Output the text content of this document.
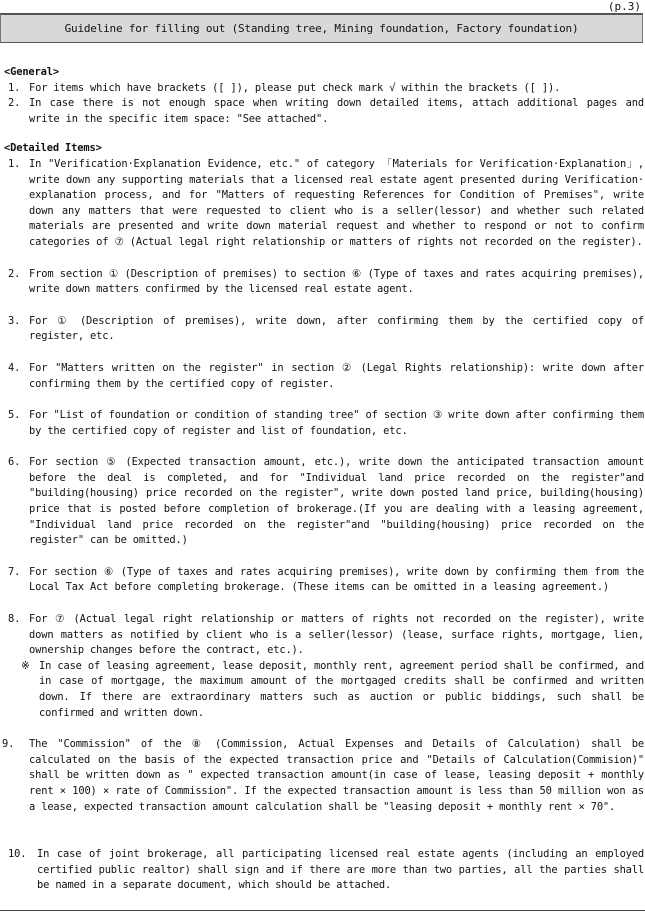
(p.3)
Guideline for filling out (Standing tree, Mining foundation, Factory foundation)
<General>
1. For items which have brackets ([ ]), please put check mark √ within the brackets ([ ]).
2. In case there is not enough space when writing down detailed items, attach additional pages and write in the specific item space: "See attached".
<Detailed Items>
1. In "Verification·Explanation Evidence, etc." of category 「Materials for Verification·Explanation」, write down any supporting materials that a licensed real estate agent presented during Verification· explanation process, and for "Matters of requesting References for Condition of Premises", write down any matters that were requested to client who is a seller(lessor) and whether such related materials are presented and write down material request and whether to respond or not to confirm categories of ⑦ (Actual legal right relationship or matters of rights not recorded on the register).
2. From section ① (Description of premises) to section ⑥ (Type of taxes and rates acquiring premises), write down matters confirmed by the licensed real estate agent.
3. For ① (Description of premises), write down, after confirming them by the certified copy of register, etc.
4. For "Matters written on the register" in section ② (Legal Rights relationship): write down after confirming them by the certified copy of register.
5. For "List of foundation or condition of standing tree" of section ③ write down after confirming them by the certified copy of register and list of foundation, etc.
6. For section ⑤ (Expected transaction amount, etc.), write down the anticipated transaction amount before the deal is completed, and for "Individual land price recorded on the register"and "building(housing) price recorded on the register", write down posted land price, building(housing) price that is posted before completion of brokerage.(If you are dealing with a leasing agreement, "Individual land price recorded on the register"and "building(housing) price recorded on the register" can be omitted.)
7. For section ⑥ (Type of taxes and rates acquiring premises), write down by confirming them from the Local Tax Act before completing brokerage. (These items can be omitted in a leasing agreement.)
8. For ⑦ (Actual legal right relationship or matters of rights not recorded on the register), write down matters as notified by client who is a seller(lessor) (lease, surface rights, mortgage, lien, ownership changes before the contract, etc.).
※ In case of leasing agreement, lease deposit, monthly rent, agreement period shall be confirmed, and in case of mortgage, the maximum amount of the mortgaged credits shall be confirmed and written down. If there are extraordinary matters such as auction or public biddings, such shall be confirmed and written down.
9. The "Commission" of the ⑧ (Commission, Actual Expenses and Details of Calculation) shall be calculated on the basis of the expected transaction price and "Details of Calculation(Commision)" shall be written down as " expected transaction amount(in case of lease, leasing deposit + monthly rent × 100) × rate of Commission". If the expected transaction amount is less than 50 million won as a lease, expected transaction amount calculation shall be "leasing deposit + monthly rent × 70".
10. In case of joint brokerage, all participating licensed real estate agents (including an employed certified public realtor) shall sign and if there are more than two parties, all the parties shall be named in a separate document, which should be attached.
